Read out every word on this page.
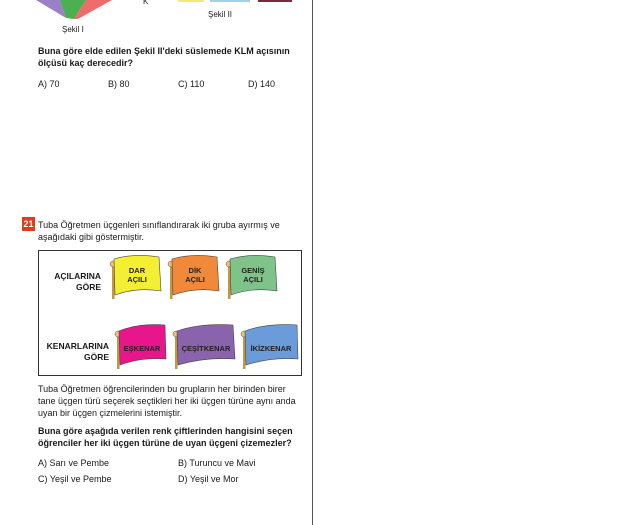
Şekil I
K
Şekil II
Buna göre elde edilen Şekil II'deki süslemede KLM açısının ölçüsü kaç derecedir?
A) 70	B) 80	C) 110	D) 140
21 Tuba Öğretmen üçgenleri sınıflandırarak iki gruba ayırmış ve aşağıdaki gibi göstermiştir.
AÇILARINA GÖRE
KENARLARINA GÖRE
DAR
AÇILI
DİK
AÇILI
GENİŞ
AÇILI
EŞKENAR	ÇEŞİTKENAR	İKİZKENAR
Tuba Öğretmen öğrencilerinden bu grupların her birinden birer tane üçgen türü seçerek seçtikleri her iki üçgen türüne aynı anda uyan bir üçgen çizmelerini istemiştir.
Buna göre aşağıda verilen renk çiftlerinden hangisini seçen öğrenciler her iki üçgen türüne de uyan üçgeni çizemezler?
A) Sarı ve Pembe	B) Turuncu ve Mavi
C) Yeşil ve Pembe	D) Yeşil ve Mor
